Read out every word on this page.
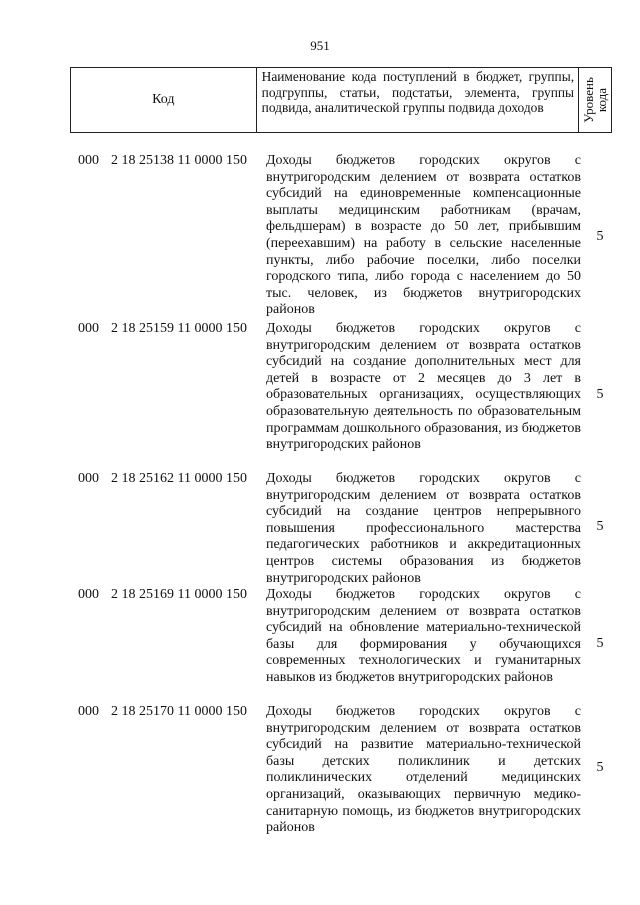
951
Код
Наименование кода поступлений в бюджет, группы, подгруппы, статьи, подстатьи, элемента, группы подвида, аналитической группы подвида доходов	Уровень
кода
000 2 18 25138 11 0000 150 Доходы бюджетов городских округов с внутригородским делением от возврата остатков субсидий на единовременные компенсационные выплаты медицинским работникам (врачам, фельдшерам) в возрасте до 50 лет, прибывшим (переехавшим) на работу в сельские населенные пункты, либо рабочие поселки, либо поселки городского типа, либо города с населением до 50 тыс. человек, из бюджетов внутригородских районов
5
000 2 18 25159 11 0000 150 Доходы бюджетов городских округов с внутригородским делением от возврата остатков субсидий на создание дополнительных мест для детей в возрасте от 2 месяцев до 3 лет в образовательных организациях, осуществляющих образовательную деятельность по образовательным программам дошкольного образования, из бюджетов внутригородских районов
5
000 2 18 25162 11 0000 150 Доходы бюджетов городских округов с внутригородским делением от возврата остатков субсидий на создание центров непрерывного повышения профессионального мастерства педагогических работников и аккредитационных центров системы образования из бюджетов внутригородских районов
5
000 2 18 25169 11 0000 150 Доходы бюджетов городских округов с внутригородским делением от возврата остатков субсидий на обновление материально-технической базы для формирования у обучающихся современных технологических и гуманитарных навыков из бюджетов внутригородских районов
5
000 2 18 25170 11 0000 150 Доходы бюджетов городских округов с внутригородским делением от возврата остатков субсидий на развитие материально-технической базы детских поликлиник и детских поликлинических отделений медицинских организаций, оказывающих первичную медико-санитарную помощь, из бюджетов внутригородских районов
5
